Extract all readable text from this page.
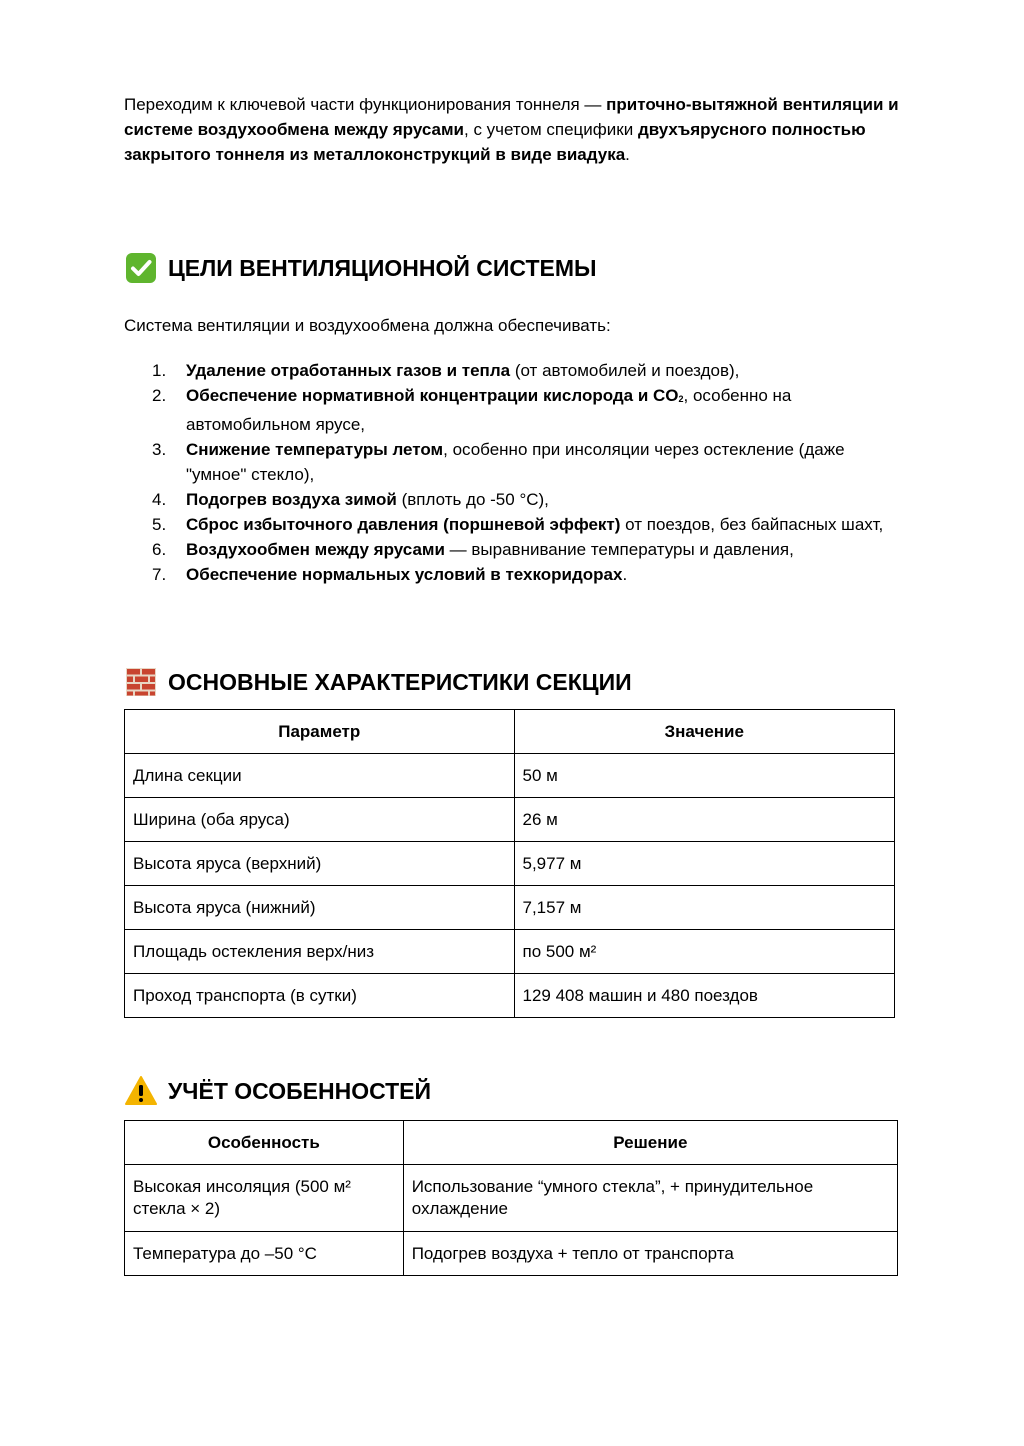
Переходим к ключевой части функционирования тоннеля — приточно-вытяжной вентиляции и системе воздухообмена между ярусами, с учетом специфики двухъярусного полностью закрытого тоннеля из металлоконструкций в виде виадука.

ЦЕЛИ ВЕНТИЛЯЦИОННОЙ СИСТЕМЫ

Система вентиляции и воздухообмена должна обеспечивать:

1. Удаление отработанных газов и тепла (от автомобилей и поездов),
2. Обеспечение нормативной концентрации кислорода и $CO_2$, особенно на автомобильном ярусе,
3. Снижение температуры летом, особенно при инсоляции через остекление (даже "умное" стекло),
4. Подогрев воздуха зимой (вплоть до -50 °C),
5. Сброс избыточного давления (поршневой эффект) от поездов, без байпасных шахт,
6. Воздухообмен между ярусами — выравнивание температуры и давления,
7. Обеспечение нормальных условий в техкоридорах.
ОСНОВНЫЕ ХАРАКТЕРИСТИКИ СЕКЦИИ
Параметр	Значение
Длина секции	50 м
Ширина (оба яруса)	26 м
Высота яруса (верхний)	5,977 м
Высота яруса (нижний)	7,157 м
Площадь остекления верх/низ	по 500 м²
Проход транспорта (в сутки)	129 408 машин и 480 поездов
УЧЁТ ОСОБЕННОСТЕЙ
Особенность	Решение
Высокая инсоляция (500 м² стекла × 2)	Использование “умного стекла”, + принудительное охлаждение
Температура до –50 °C	Подогрев воздуха + тепло от транспорта
